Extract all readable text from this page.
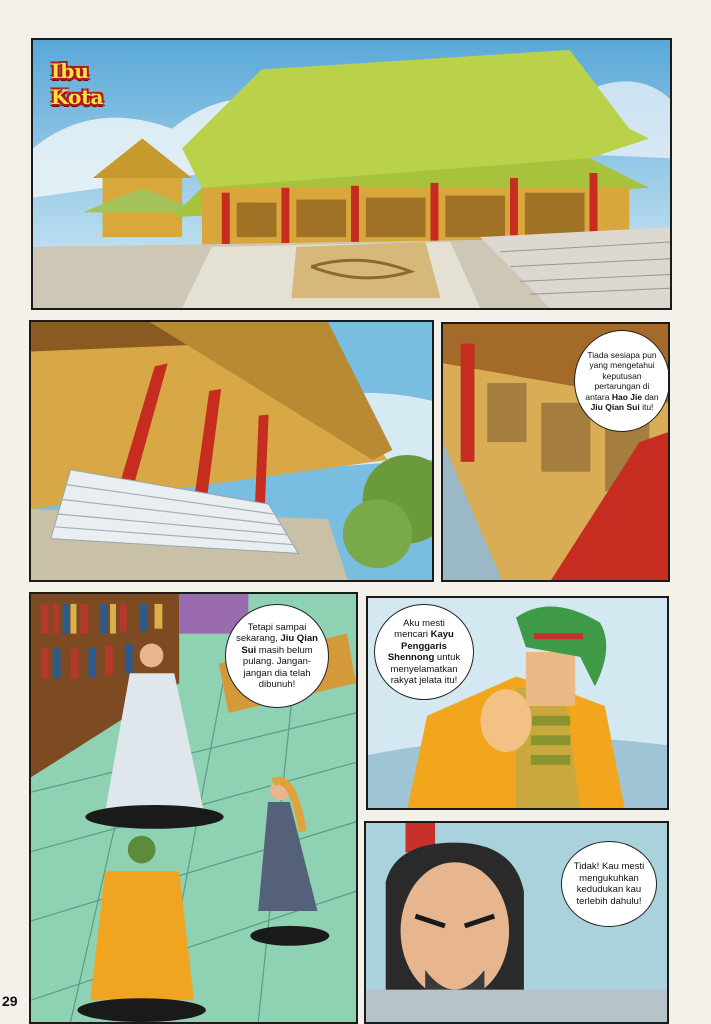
Ibu
Kota
Tiada sesiapa pun yang mengetahui keputusan pertarungan di antara Hao Jie dan Jiu Qian Sui itu!
Tetapi sampai sekarang, Jiu Qian Sui masih belum pulang. Jangan-jangan dia telah dibunuh!
Aku mesti mencari Kayu Penggaris Shennong untuk menyelamatkan rakyat jelata itu!
Tidak! Kau mesti mengukuhkan kedudukan kau terlebih dahulu!
29
